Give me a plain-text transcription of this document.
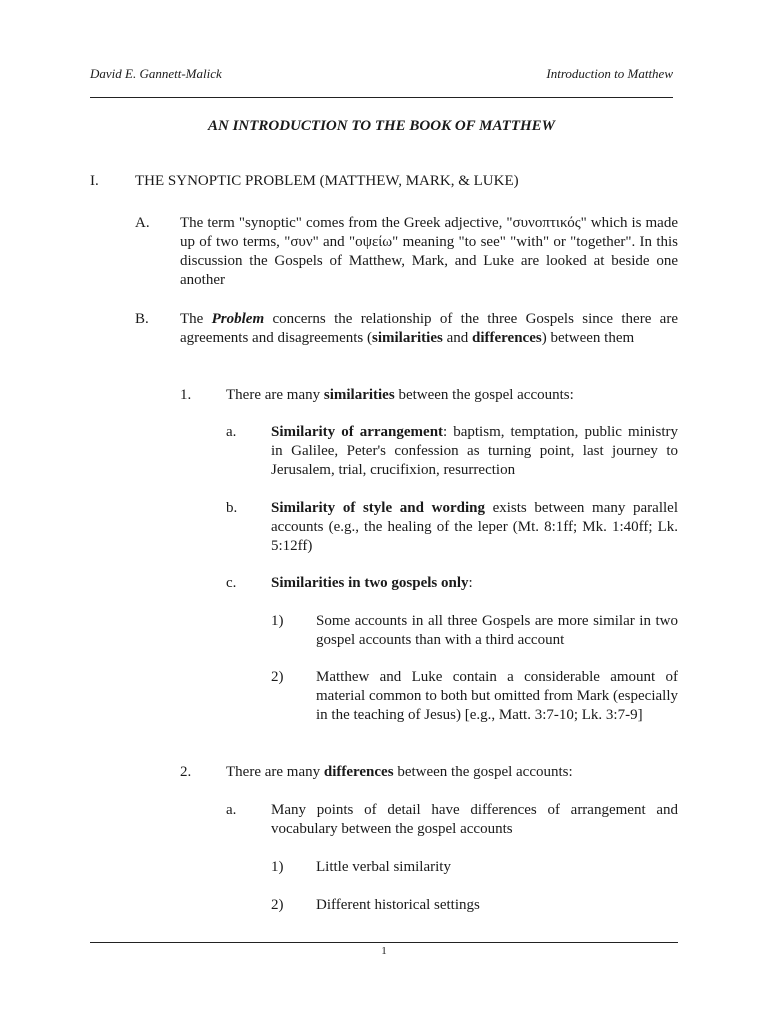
David E. Gannett-Malick	Introduction to Matthew
AN INTRODUCTION TO THE BOOK OF MATTHEW
I. THE SYNOPTIC PROBLEM (MATTHEW, MARK, & LUKE)
A. The term "synoptic" comes from the Greek adjective, "συνοπτικός" which is made up of two terms, "συν" and "οψείω" meaning "to see" "with" or "together". In this discussion the Gospels of Matthew, Mark, and Luke are looked at beside one another
B. The Problem concerns the relationship of the three Gospels since there are agreements and disagreements (similarities and differences) between them
1. There are many similarities between the gospel accounts:
a. Similarity of arrangement: baptism, temptation, public ministry in Galilee, Peter's confession as turning point, last journey to Jerusalem, trial, crucifixion, resurrection
b. Similarity of style and wording exists between many parallel accounts (e.g., the healing of the leper (Mt. 8:1ff; Mk. 1:40ff; Lk. 5:12ff)
c. Similarities in two gospels only:
1) Some accounts in all three Gospels are more similar in two gospel accounts than with a third account
2) Matthew and Luke contain a considerable amount of material common to both but omitted from Mark (especially in the teaching of Jesus) [e.g., Matt. 3:7-10; Lk. 3:7-9]
2. There are many differences between the gospel accounts:
a. Many points of detail have differences of arrangement and vocabulary between the gospel accounts
1) Little verbal similarity
2) Different historical settings
1
